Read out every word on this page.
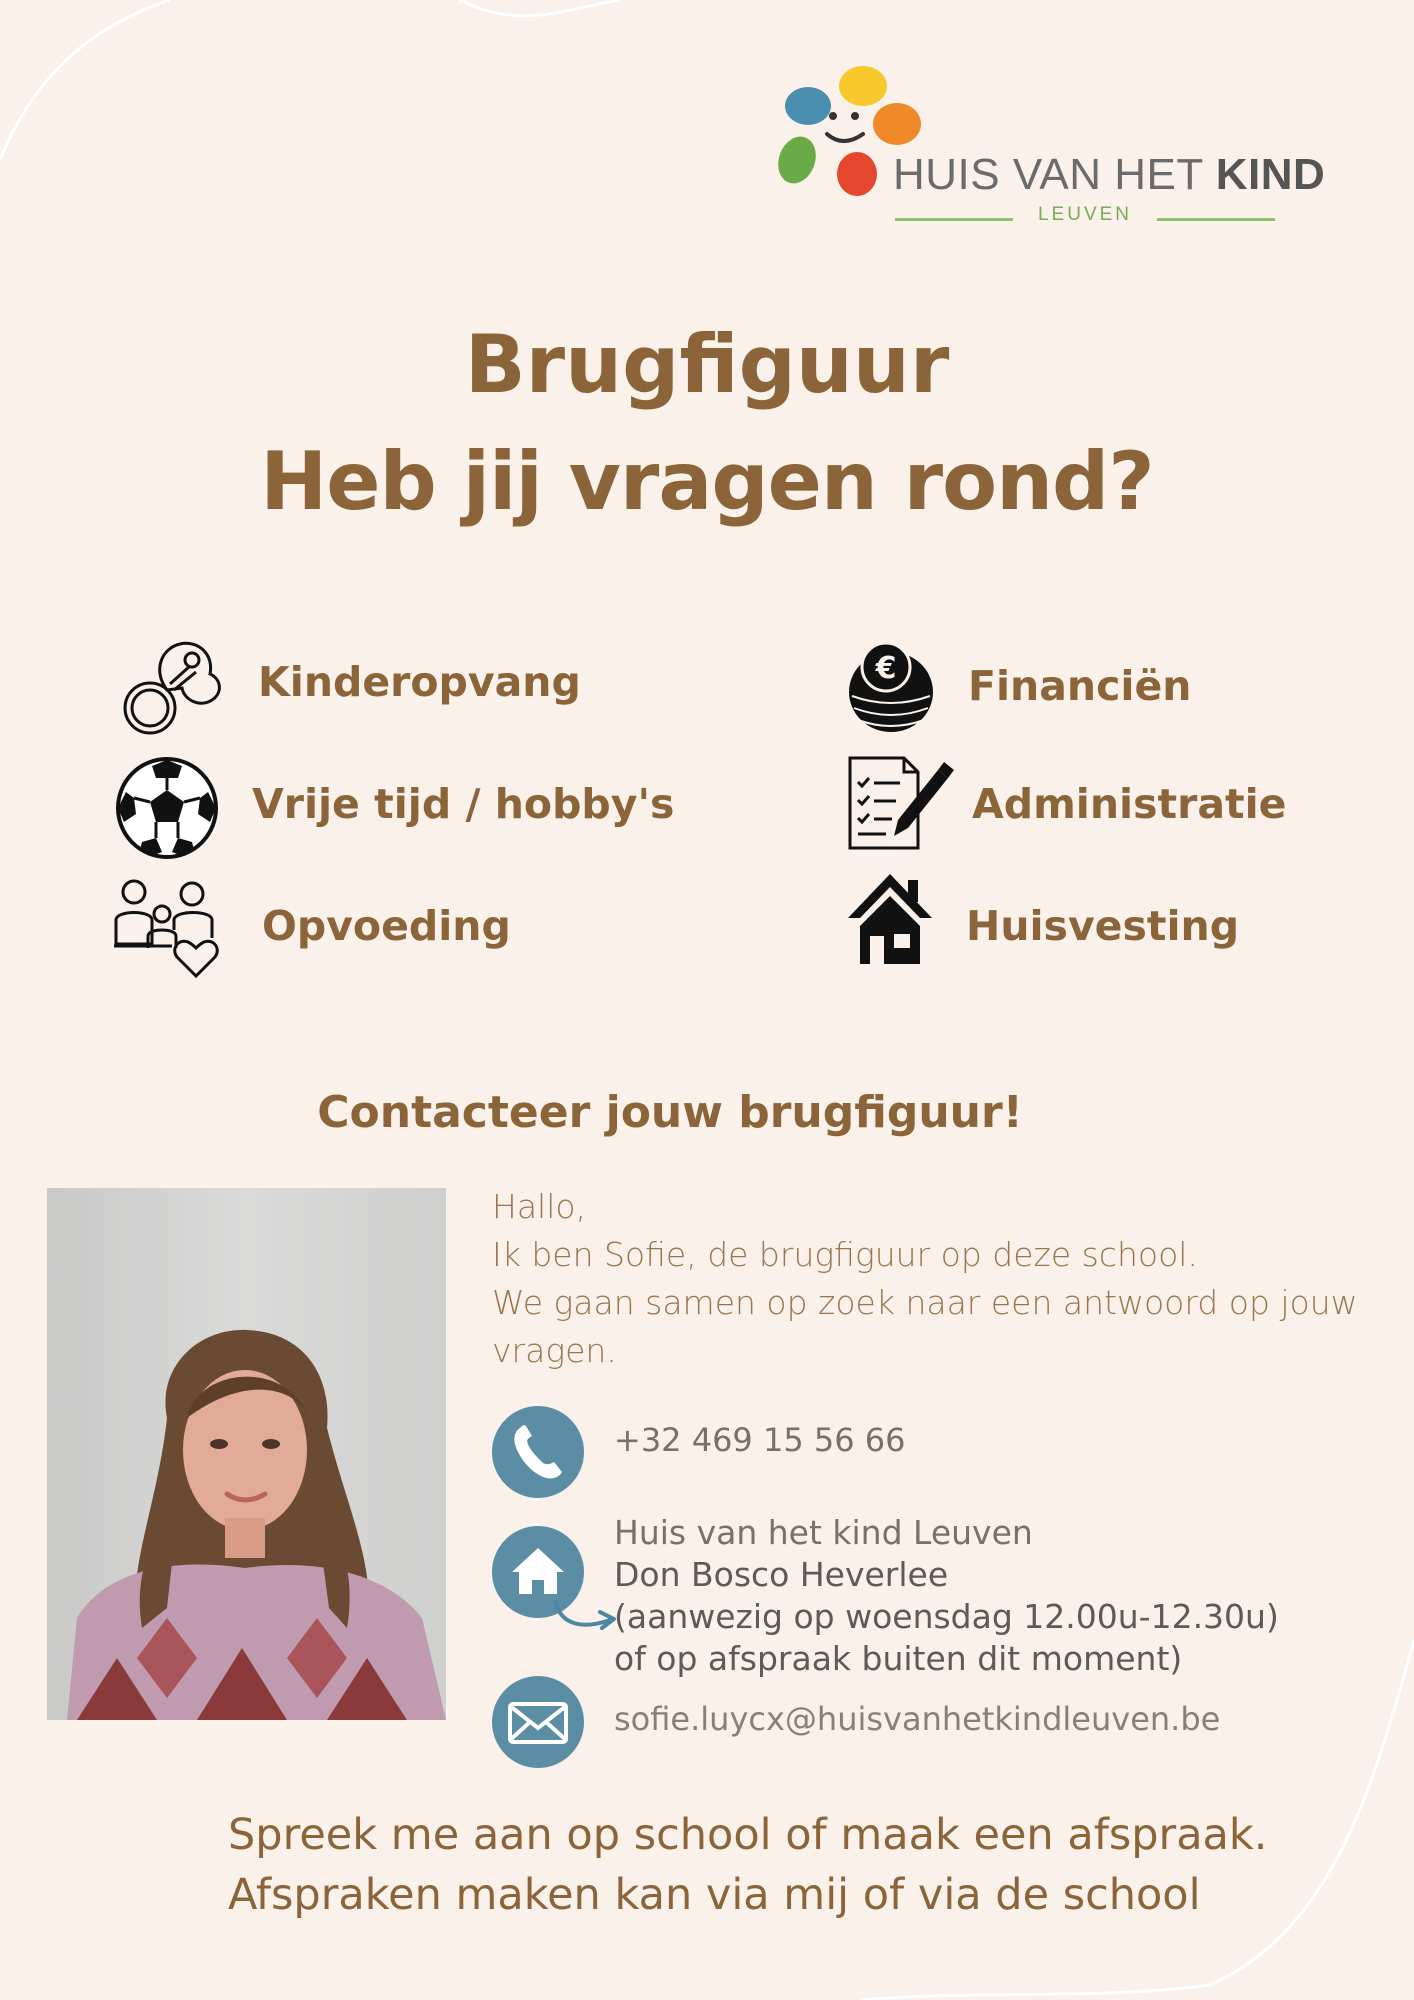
HUIS VAN HET KIND
LEUVEN
Brugfiguur
Heb jij vragen rond?
Kinderopvang
Vrije tijd / hobby's
Opvoeding
€ Financiën
Administratie
Huisvesting
Contacteer jouw brugfiguur!
Hallo,
Ik ben Sofie, de brugfiguur op deze school.
We gaan samen op zoek naar een antwoord op jouw
vragen.
+32 469 15 56 66
Huis van het kind Leuven
Don Bosco Heverlee
(aanwezig op woensdag 12.00u-12.30u)
of op afspraak buiten dit moment)
sofie.luycx@huisvanhetkindleuven.be
Spreek me aan op school of maak een afspraak.
Afspraken maken kan via mij of via de school
